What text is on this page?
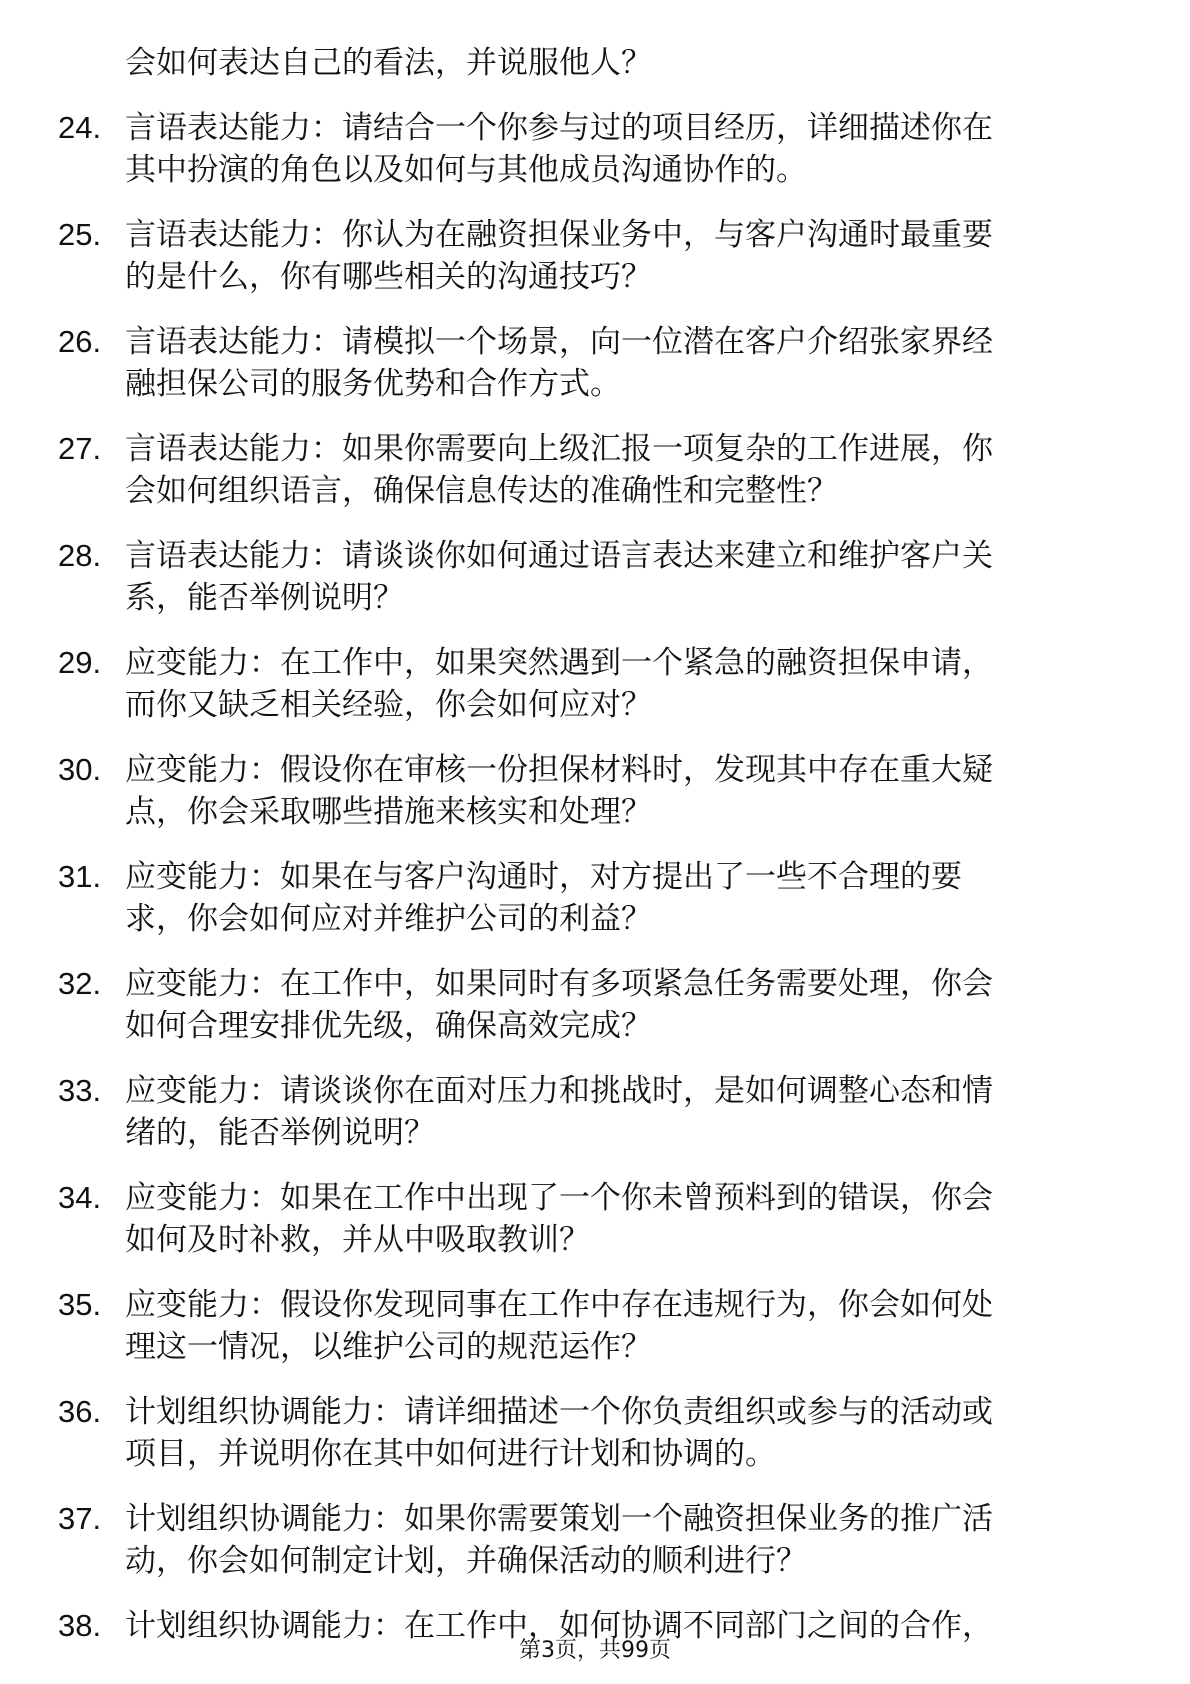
会如何表达自己的看法，并说服他人？
24. 言语表达能力：请结合一个你参与过的项目经历，详细描述你在
其中扮演的角色以及如何与其他成员沟通协作的。
25. 言语表达能力：你认为在融资担保业务中，与客户沟通时最重要
的是什么，你有哪些相关的沟通技巧？
26. 言语表达能力：请模拟一个场景，向一位潜在客户介绍张家界经
融担保公司的服务优势和合作方式。
27. 言语表达能力：如果你需要向上级汇报一项复杂的工作进展，你
会如何组织语言，确保信息传达的准确性和完整性？
28. 言语表达能力：请谈谈你如何通过语言表达来建立和维护客户关
系，能否举例说明？
29. 应变能力：在工作中，如果突然遇到一个紧急的融资担保申请，
而你又缺乏相关经验，你会如何应对？
30. 应变能力：假设你在审核一份担保材料时，发现其中存在重大疑
点，你会采取哪些措施来核实和处理？
31. 应变能力：如果在与客户沟通时，对方提出了一些不合理的要
求，你会如何应对并维护公司的利益？
32. 应变能力：在工作中，如果同时有多项紧急任务需要处理，你会
如何合理安排优先级，确保高效完成？
33. 应变能力：请谈谈你在面对压力和挑战时，是如何调整心态和情
绪的，能否举例说明？
34. 应变能力：如果在工作中出现了一个你未曾预料到的错误，你会
如何及时补救，并从中吸取教训？
35. 应变能力：假设你发现同事在工作中存在违规行为，你会如何处
理这一情况，以维护公司的规范运作？
36. 计划组织协调能力：请详细描述一个你负责组织或参与的活动或
项目，并说明你在其中如何进行计划和协调的。
37. 计划组织协调能力：如果你需要策划一个融资担保业务的推广活
动，你会如何制定计划，并确保活动的顺利进行？
38. 计划组织协调能力：在工作中，如何协调不同部门之间的合作，
第3页，共99页
